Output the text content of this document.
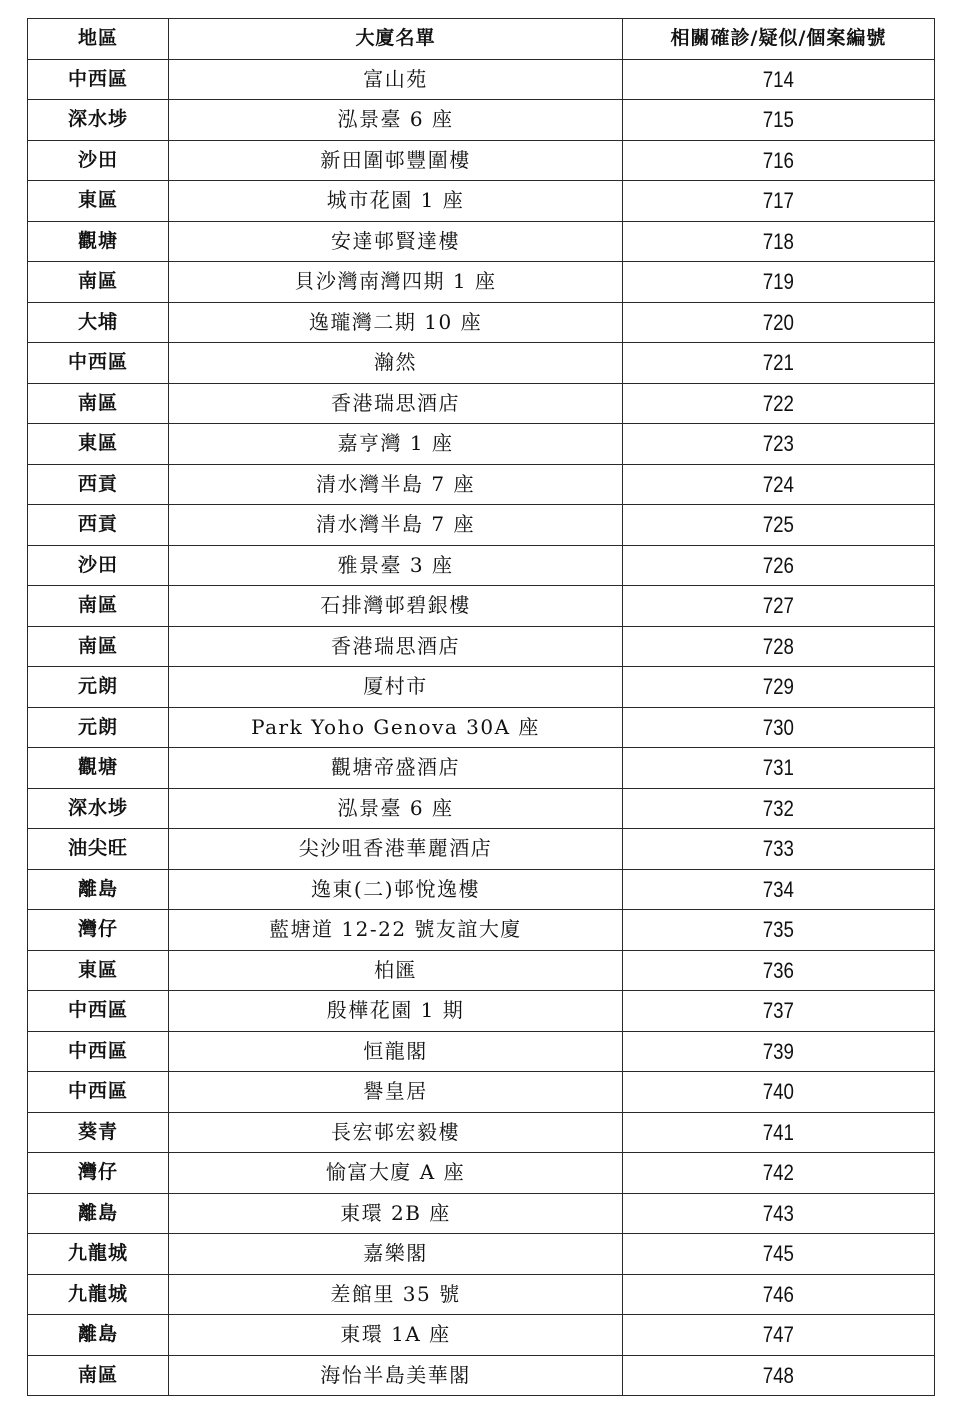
地區	大廈名單	相關確診/疑似/個案編號
中西區	富山苑	714
深水埗	泓景臺 6 座	715
沙田	新田圍邨豐圍樓	716
東區	城市花園 1 座	717
觀塘	安達邨賢達樓	718
南區	貝沙灣南灣四期 1 座	719
大埔	逸瓏灣二期 10 座	720
中西區	瀚然	721
南區	香港瑞思酒店	722
東區	嘉亨灣 1 座	723
西貢	清水灣半島 7 座	724
西貢	清水灣半島 7 座	725
沙田	雅景臺 3 座	726
南區	石排灣邨碧銀樓	727
南區	香港瑞思酒店	728
元朗	厦村市	729
元朗	Park Yoho Genova 30A 座	730
觀塘	觀塘帝盛酒店	731
深水埗	泓景臺 6 座	732
油尖旺	尖沙咀香港華麗酒店	733
離島	逸東(二)邨悅逸樓	734
灣仔	藍塘道 12-22 號友誼大廈	735
東區	柏匯	736
中西區	殷樺花園 1 期	737
中西區	恒龍閣	739
中西區	譽皇居	740
葵青	長宏邨宏毅樓	741
灣仔	愉富大廈 A 座	742
離島	東環 2B 座	743
九龍城	嘉樂閣	745
九龍城	差館里 35 號	746
離島	東環 1A 座	747
南區	海怡半島美華閣	748
